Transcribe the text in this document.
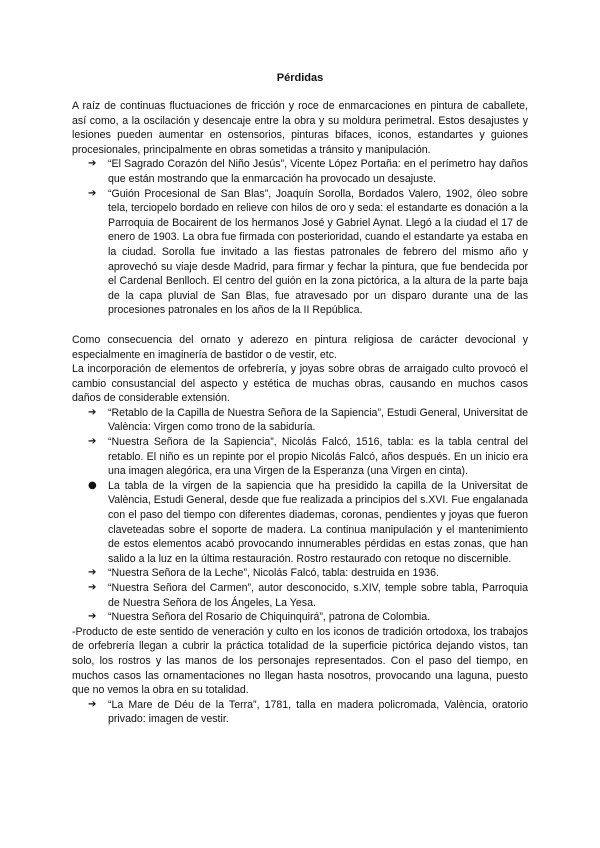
Pérdidas

A raíz de continuas fluctuaciones de fricción y roce de enmarcaciones en pintura de caballete, así como, a la oscilación y desencaje entre la obra y su moldura perimetral. Estos desajustes y lesiones pueden aumentar en ostensorios, pinturas bifaces, iconos, estandartes y guiones procesionales, principalmente en obras sometidas a tránsito y manipulación.

➔ “El Sagrado Corazón del Niño Jesús”, Vicente López Portaña: en el perímetro hay daños que están mostrando que la enmarcación ha provocado un desajuste.
➔ “Guión Procesional de San Blas”, Joaquín Sorolla, Bordados Valero, 1902, óleo sobre tela, terciopelo bordado en relieve con hilos de oro y seda: el estandarte es donación a la Parroquia de Bocairent de los hermanos José y Gabriel Aynat. Llegó a la ciudad el 17 de enero de 1903. La obra fue firmada con posterioridad, cuando el estandarte ya estaba en la ciudad. Sorolla fue invitado a las fiestas patronales de febrero del mismo año y aprovechó su viaje desde Madrid, para firmar y fechar la pintura, que fue bendecida por el Cardenal Benlloch. El centro del guión en la zona pictórica, a la altura de la parte baja de la capa pluvial de San Blas, fue atravesado por un disparo durante una de las procesiones patronales en los años de la II República.

Como consecuencia del ornato y aderezo en pintura religiosa de carácter devocional y especialmente en imaginería de bastidor o de vestir, etc.

La incorporación de elementos de orfebrería, y joyas sobre obras de arraigado culto provocó el cambio consustancial del aspecto y estética de muchas obras, causando en muchos casos daños de considerable extensión.

➔ “Retablo de la Capilla de Nuestra Señora de la Sapiencia”, Estudi General, Universitat de València: Virgen como trono de la sabiduría.
➔ “Nuestra Señora de la Sapiencia”, Nicolás Falcó, 1516, tabla: es la tabla central del retablo. El niño es un repinte por el propio Nicolás Falcó, años después. En un inicio era una imagen alegórica, era una Virgen de la Esperanza (una Virgen en cinta).
● La tabla de la virgen de la sapiencia que ha presidido la capilla de la Universitat de València, Estudi General, desde que fue realizada a principios del s.XVI. Fue engalanada con el paso del tiempo con diferentes diademas, coronas, pendientes y joyas que fueron claveteadas sobre el soporte de madera. La continua manipulación y el mantenimiento de estos elementos acabó provocando innumerables pérdidas en estas zonas, que han salido a la luz en la última restauración. Rostro restaurado con retoque no discernible.
➔ “Nuestra Señora de la Leche”, Nicolás Falcó, tabla: destruida en 1936.
➔ “Nuestra Señora del Carmen”, autor desconocido, s.XIV, temple sobre tabla, Parroquia de Nuestra Señora de los Ángeles, La Yesa.
➔ “Nuestra Señora del Rosario de Chiquinquirá”, patrona de Colombia.

-Producto de este sentido de veneración y culto en los iconos de tradición ortodoxa, los trabajos de orfebrería llegan a cubrir la práctica totalidad de la superficie pictórica dejando vistos, tan solo, los rostros y las manos de los personajes representados. Con el paso del tiempo, en muchos casos las ornamentaciones no llegan hasta nosotros, provocando una laguna, puesto que no vemos la obra en su totalidad.

➔ “La Mare de Déu de la Terra”, 1781, talla en madera policromada, València, oratorio privado: imagen de vestir.
